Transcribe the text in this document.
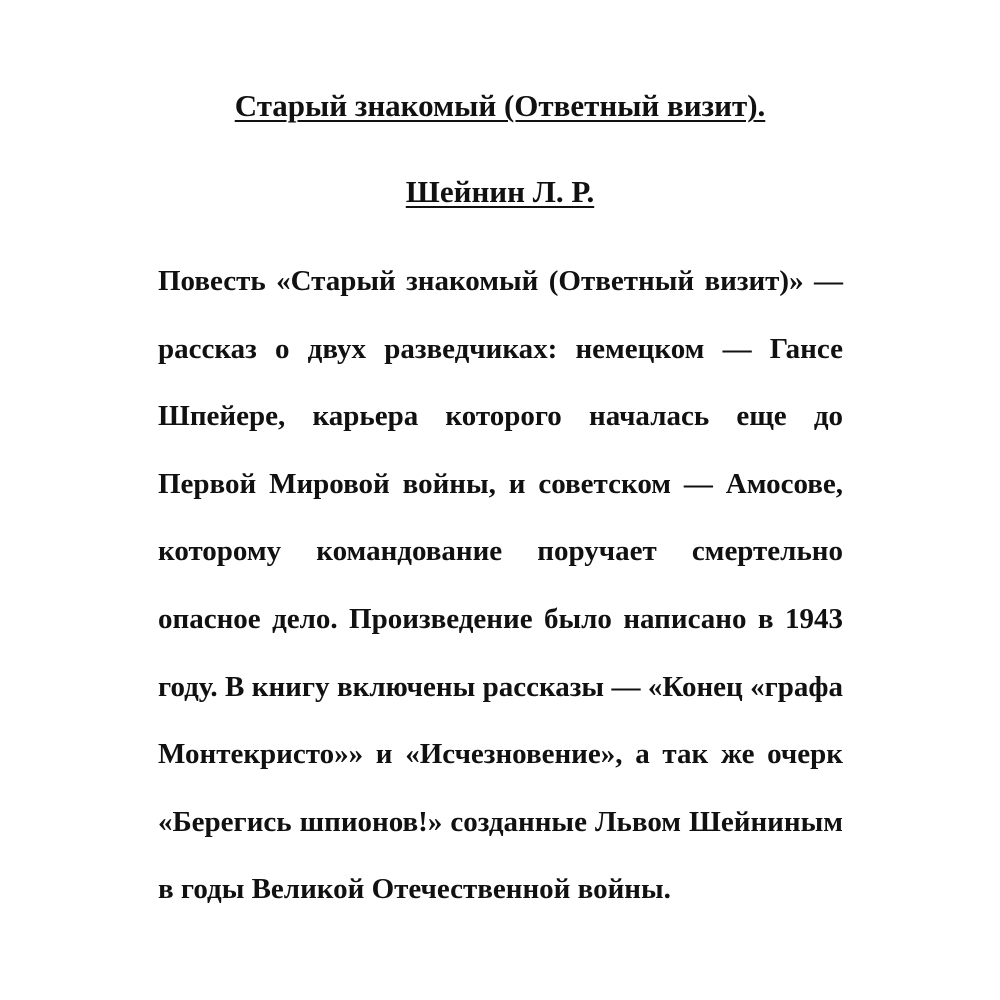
Старый знакомый (Ответный визит).
Шейнин Л. Р.

Повесть «Старый знакомый (Ответный визит)» — рассказ о двух разведчиках: немецком — Гансе Шпейере, карьера которого началась еще до Первой Мировой войны, и советском — Амосове, которому командование поручает смертельно опасное дело. Произведение было написано в 1943 году. В книгу включены рассказы — «Конец «графа Монтекристо»» и «Исчезновение», а так же очерк «Берегись шпионов!» созданные Львом Шейниным в годы Великой Отечественной войны.
